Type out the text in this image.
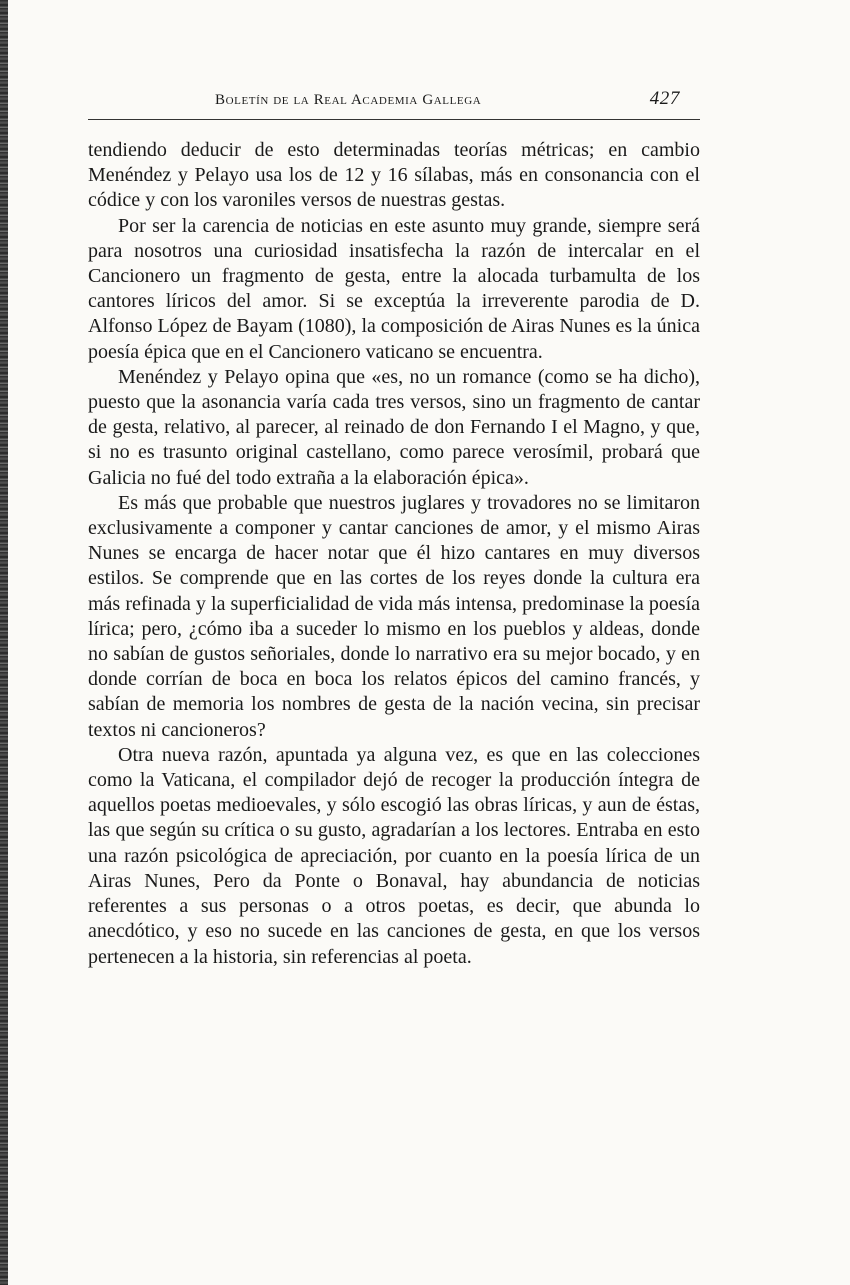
Boletín de la Real Academia Gallega	427

tendiendo deducir de esto determinadas teorías métricas; en cambio Menéndez y Pelayo usa los de 12 y 16 sílabas, más en consonancia con el códice y con los varoniles versos de nuestras gestas.

Por ser la carencia de noticias en este asunto muy grande, siempre será para nosotros una curiosidad insatisfecha la razón de intercalar en el Cancionero un fragmento de gesta, entre la alocada turbamulta de los cantores líricos del amor. Si se exceptúa la irreverente parodia de D. Alfonso López de Bayam (1080), la composición de Airas Nunes es la única poesía épica que en el Cancionero vaticano se encuentra.

Menéndez y Pelayo opina que «es, no un romance (como se ha dicho), puesto que la asonancia varía cada tres versos, sino un fragmento de cantar de gesta, relativo, al parecer, al reinado de don Fernando I el Magno, y que, si no es trasunto original castellano, como parece verosímil, probará que Galicia no fué del todo extraña a la elaboración épica».

Es más que probable que nuestros juglares y trovadores no se limitaron exclusivamente a componer y cantar canciones de amor, y el mismo Airas Nunes se encarga de hacer notar que él hizo cantares en muy diversos estilos. Se comprende que en las cortes de los reyes donde la cultura era más refinada y la superficialidad de vida más intensa, predominase la poesía lírica; pero, ¿cómo iba a suceder lo mismo en los pueblos y aldeas, donde no sabían de gustos señoriales, donde lo narrativo era su mejor bocado, y en donde corrían de boca en boca los relatos épicos del camino francés, y sabían de memoria los nombres de gesta de la nación vecina, sin precisar textos ni cancioneros?

Otra nueva razón, apuntada ya alguna vez, es que en las colecciones como la Vaticana, el compilador dejó de recoger la producción íntegra de aquellos poetas medioevales, y sólo escogió las obras líricas, y aun de éstas, las que según su crítica o su gusto, agradarían a los lectores. Entraba en esto una razón psicológica de apreciación, por cuanto en la poesía lírica de un Airas Nunes, Pero da Ponte o Bonaval, hay abundancia de noticias referentes a sus personas o a otros poetas, es decir, que abunda lo anecdótico, y eso no sucede en las canciones de gesta, en que los versos pertenecen a la historia, sin referencias al poeta.
